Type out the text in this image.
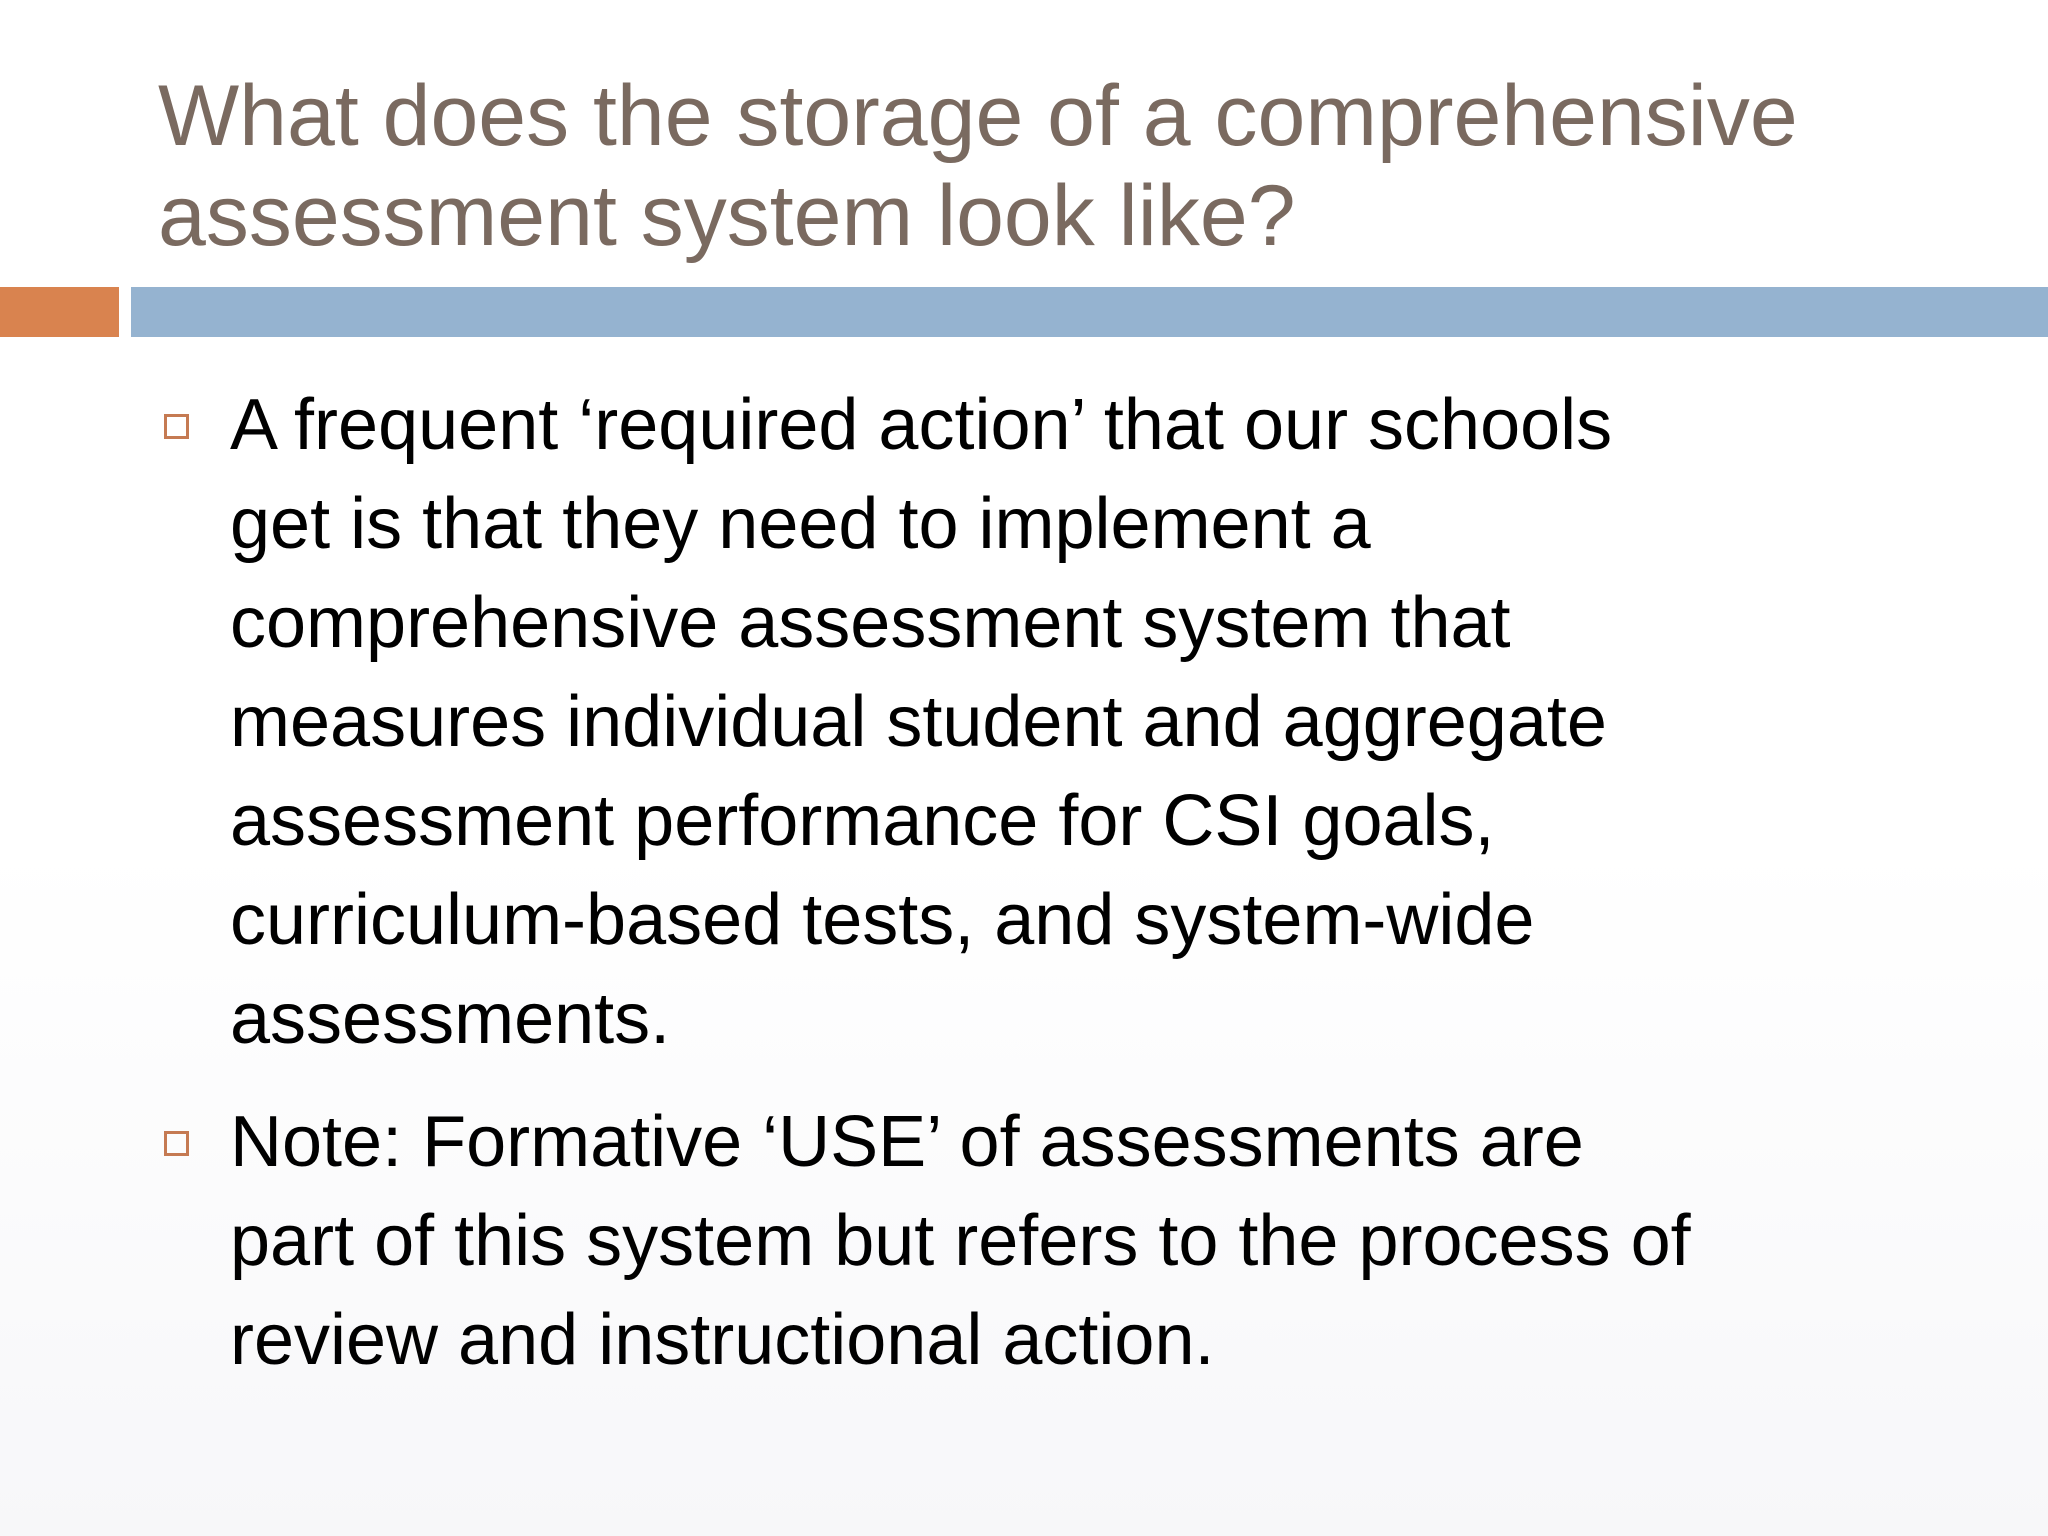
What does the storage of a comprehensive
assessment system look like?
A frequent ‘required action’ that our schools
get is that they need to implement a
comprehensive assessment system that
measures individual student and aggregate
assessment performance for CSI goals,
curriculum-based tests, and system-wide
assessments.
Note: Formative ‘USE’ of assessments are
part of this system but refers to the process of
review and instructional action.
